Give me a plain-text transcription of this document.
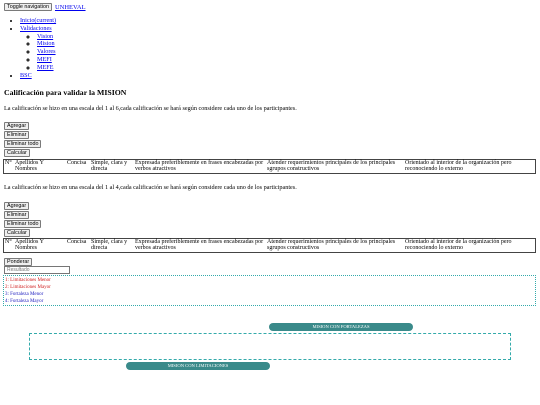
Toggle navigation UNHEVAL
• Inicio(current)
• Validaciones
◦ Vision
◦ Mision
◦ Valores
◦ MEFI
◦ MEFE
• BSC
Calificación para validar la MISION
La calificación se hizo en una escala del 1 al 6,cada calificación se hará según considere cada uno de los participantes.
Agregar
Eliminar
Eliminar todo
Calcular
N°	Apellidos Y Nombres	Concisa	Simple, clara y directa	Expresada preferiblemente en frases encabezadas por verbos atractivos	Atender requerimientos principales de los principales sgrupos constructivos	Orientado al interior de la organización pero reconociendo lo externo
La calificación se hizo en una escala del 1 al 4,cada calificación se hará según considere cada uno de los participantes.
Agregar
Eliminar
Eliminar todo
Calcular
N°	Apellidos Y Nombres	Concisa	Simple, clara y directa	Expresada preferiblemente en frases encabezadas por verbos atractivos	Atender requerimientos principales de los principales sgrupos constructivos	Orientado al interior de la organización pero reconociendo lo externo
Ponderar
Resultado
1: Limitaciones Menor
2: Limitaciones Mayor
3: Fortaleza Menor
4: Fortaleza Mayor
MISION CON FORTALEZAS
MISION CON LIMITACIONES
